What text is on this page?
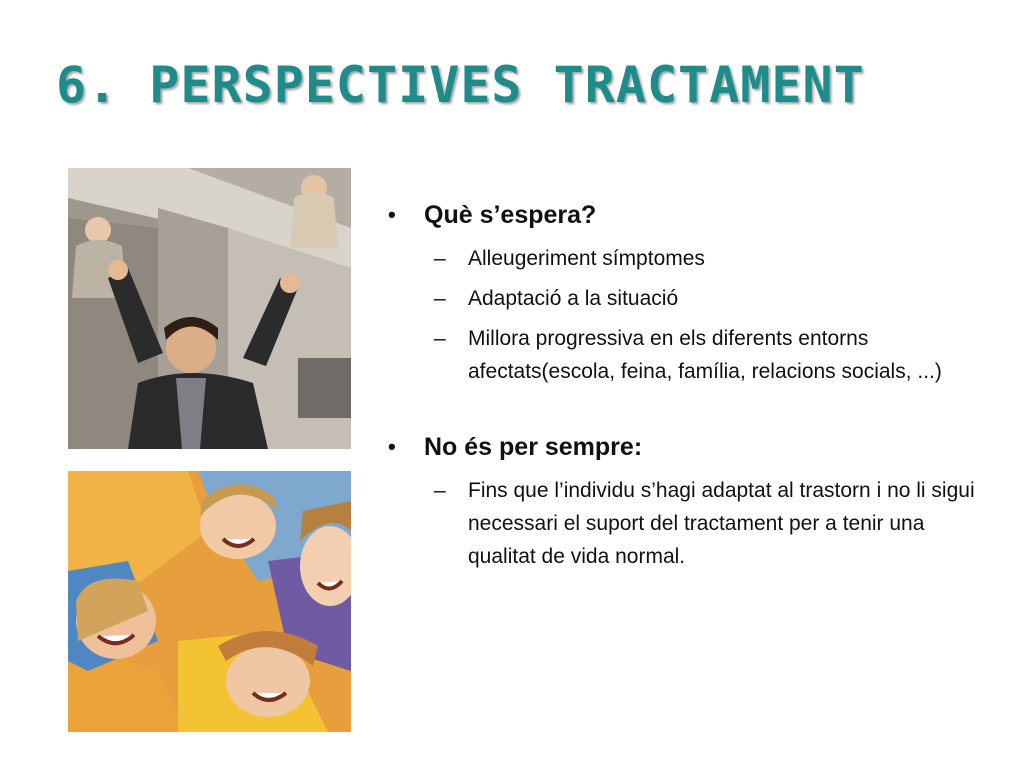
6. PERSPECTIVES TRACTAMENT
• Què s’espera?
– Alleugeriment símptomes
– Adaptació a la situació
– Millora progressiva en els diferents entorns afectats(escola, feina, família, relacions socials, ...)
• No és per sempre:
– Fins que l’individu s’hagi adaptat al trastorn i no li sigui necessari el suport del tractament per a tenir una qualitat de vida normal.
